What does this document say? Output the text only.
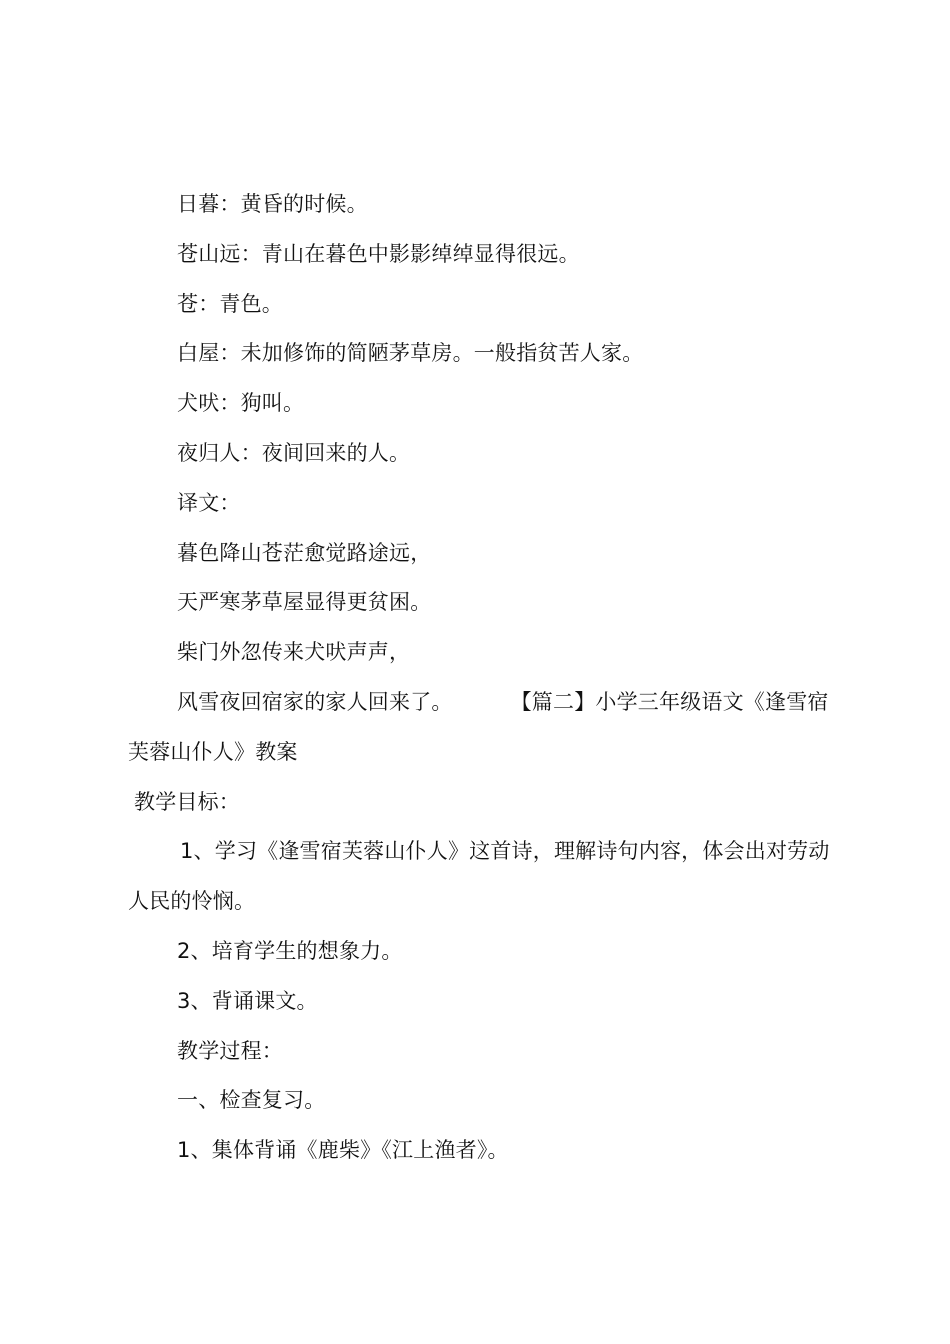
日暮：黄昏的时候。

苍山远：青山在暮色中影影绰绰显得很远。

苍：青色。

白屋：未加修饰的简陋茅草房。一般指贫苦人家。

犬吠：狗叫。

夜归人：夜间回来的人。

译文：

暮色降山苍茫愈觉路途远，

天严寒茅草屋显得更贫困。

柴门外忽传来犬吠声声，

风雪夜回宿家的家人回来了。	【篇二】小学三年级语文《逢雪宿芙蓉山仆人》教案

教学目标：

1、学习《逢雪宿芙蓉山仆人》这首诗，理解诗句内容，体会出对劳动人民的怜悯。

2、培育学生的想象力。

3、背诵课文。

教学过程：

一、检查复习。

1、集体背诵《鹿柴》《江上渔者》。
